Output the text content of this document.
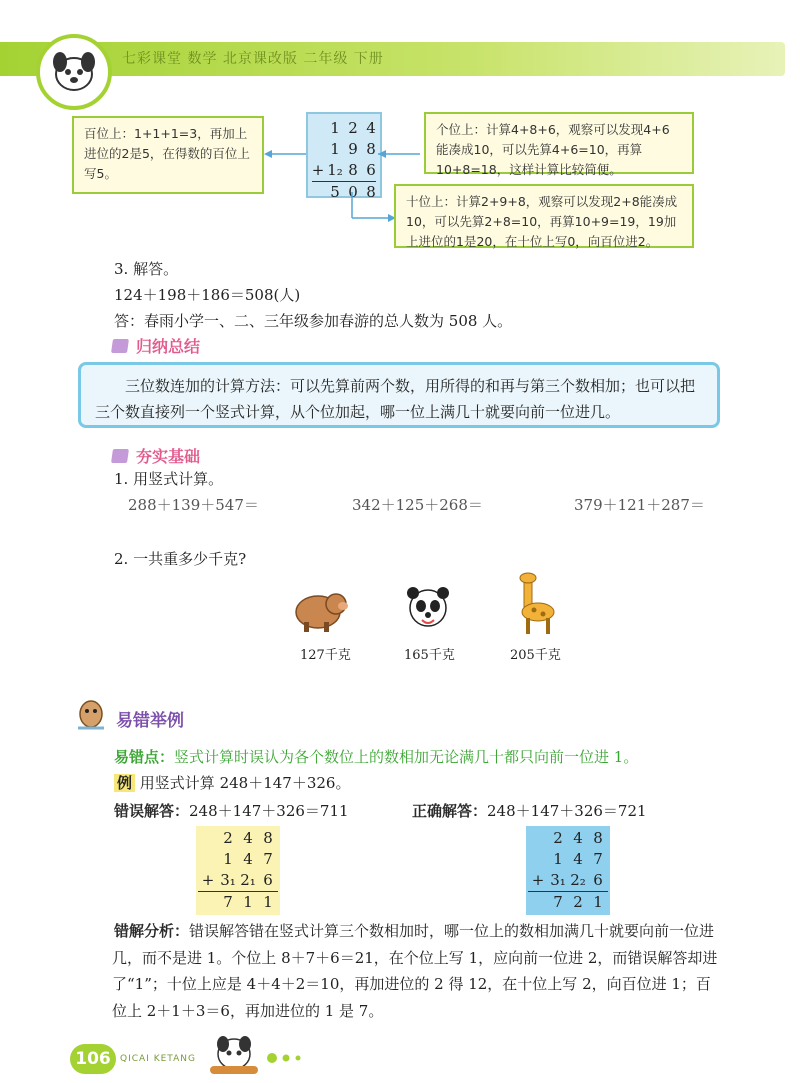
七彩课堂 数学 北京课改版 二年级 下册
百位上：1+1+1=3，再加上进位的2是5，在得数的百位上写5。
1 2 4
1 9 8
+ 1₂ 8 6
5 0 8
个位上：计算4+8+6，观察可以发现4+6能凑成10，可以先算4+6=10，再算10+8=18，这样计算比较简便。
十位上：计算2+9+8，观察可以发现2+8能凑成10，可以先算2+8=10，再算10+9=19，19加上进位的1是20，在十位上写0，向百位进2。
3. 解答。
124＋198＋186＝508(人)
答：春雨小学一、二、三年级参加春游的总人数为 508 人。
归纳总结
三位数连加的计算方法：可以先算前两个数，用所得的和再与第三个数相加；也可以把三个数直接列一个竖式计算，从个位加起，哪一位上满几十就要向前一位进几。
夯实基础
1. 用竖式计算。
288＋139＋547＝	342＋125＋268＝	379＋121＋287＝
2. 一共重多少千克?
127千克	165千克	205千克
易错举例
易错点：竖式计算时误认为各个数位上的数相加无论满几十都只向前一位进 1。
例 用竖式计算 248＋147＋326。
错误解答：248＋147＋326＝711	正确解答：248＋147＋326＝721
2 4 8
1 4 7
+ 3₁ 2₁ 6
7 1 1
2 4 8
1 4 7
+ 3₁ 2₂ 6
7 2 1
错解分析：错误解答错在竖式计算三个数相加时，哪一位上的数相加满几十就要向前一位进几，而不是进 1。个位上 8＋7＋6＝21，在个位上写 1，应向前一位进 2，而错误解答却进了“1”；十位上应是 4＋4＋2＝10，再加进位的 2 得 12，在十位上写 2，向百位进 1；百位上 2＋1＋3＝6，再加进位的 1 是 7。
106	QICAI KETANG
